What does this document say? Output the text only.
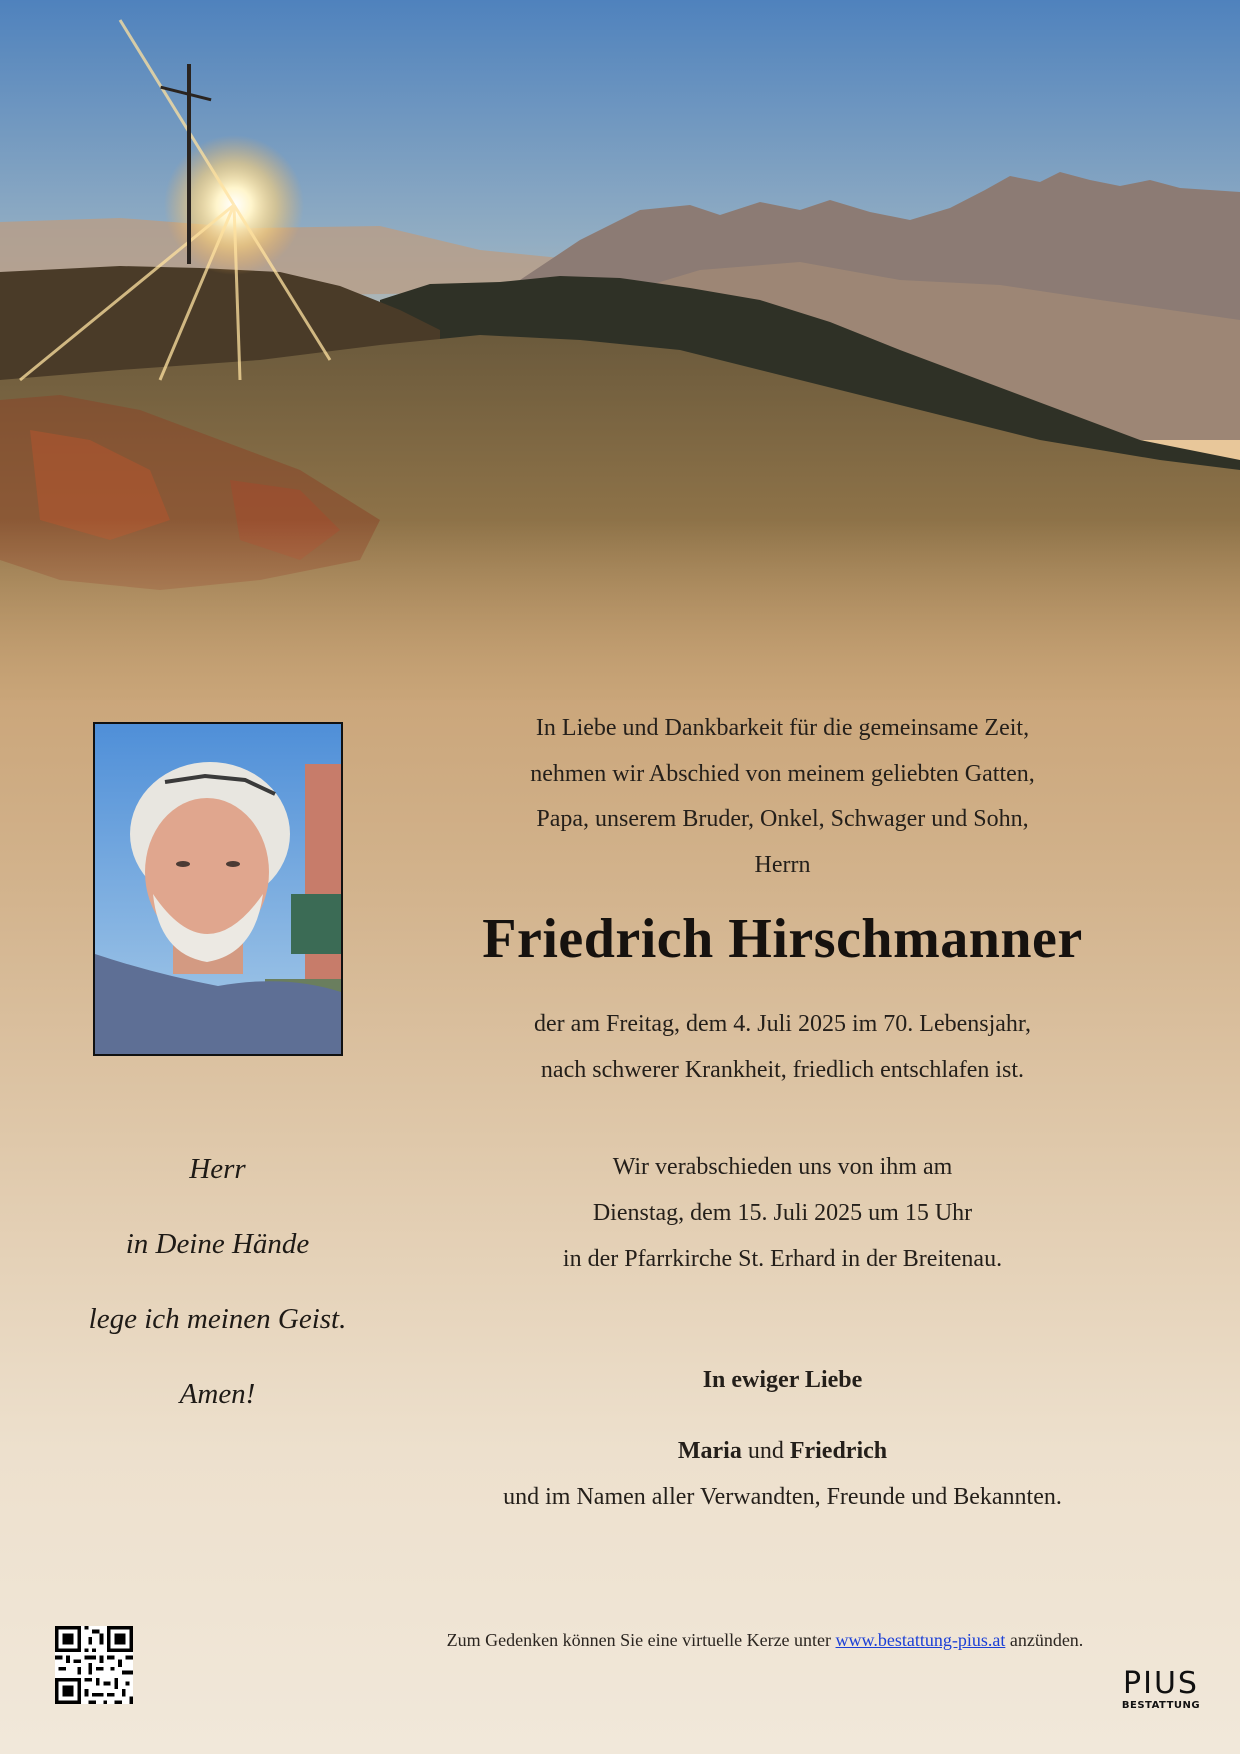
In Liebe und Dankbarkeit für die gemeinsame Zeit,
nehmen wir Abschied von meinem geliebten Gatten,
Papa, unserem Bruder, Onkel, Schwager und Sohn,
Herrn
Friedrich Hirschmanner
der am Freitag, dem 4. Juli 2025 im 70. Lebensjahr,
nach schwerer Krankheit, friedlich entschlafen ist.
Wir verabschieden uns von ihm am
Dienstag, dem 15. Juli 2025 um 15 Uhr
in der Pfarrkirche St. Erhard in der Breitenau.
Herr
in Deine Hände
lege ich meinen Geist.
Amen!	In ewiger Liebe
Maria und Friedrich
und im Namen aller Verwandten, Freunde und Bekannten.
Zum Gedenken können Sie eine virtuelle Kerze unter www.bestattung-pius.at anzünden.
PIUS
BESTATTUNG
